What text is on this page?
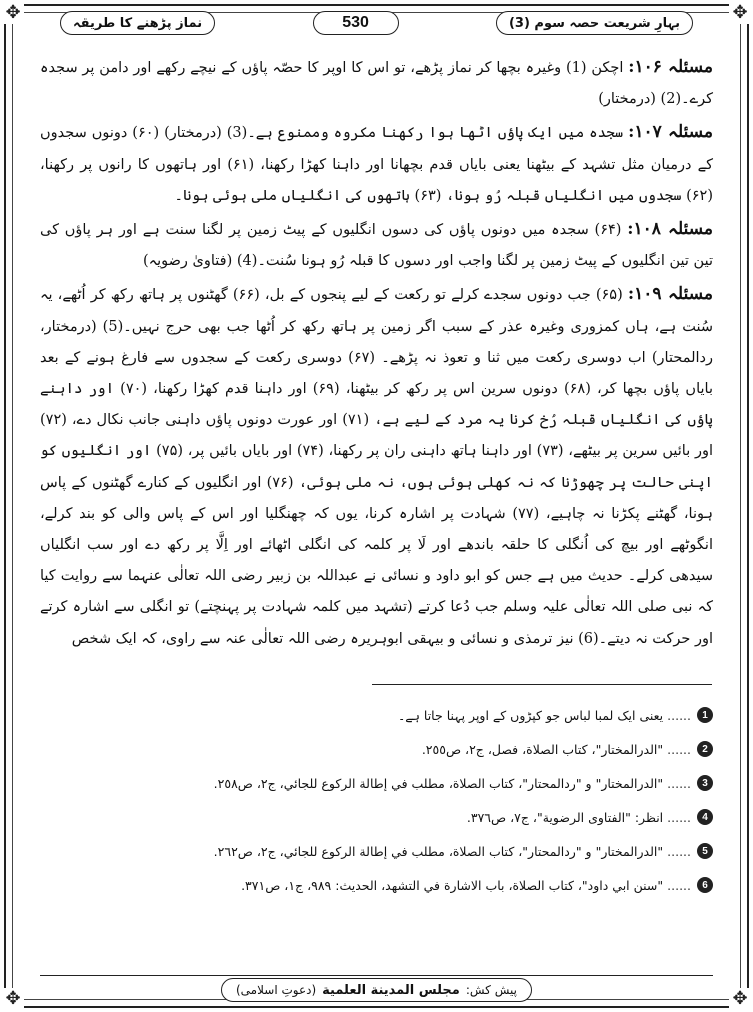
✥	✥
✥	✥
بہارِ شریعت حصہ سوم (3)
530
نماز پڑھنے کا طریقہ

مسئلہ ۱۰۶: اچکن (1) وغیرہ بچھا کر نماز پڑھے، تو اس کا اوپر کا حصّہ پاؤں کے نیچے رکھے اور دامن پر سجدہ کرے۔(2) (درمختار)

مسئلہ ۱۰۷: سجدہ میں ایک پاؤں اٹھا ہوا رکھنا مکروہ وممنوع ہے۔(3) (درمختار) (۶۰) دونوں سجدوں کے درمیان مثل تشہد کے بیٹھنا یعنی بایاں قدم بچھانا اور داہنا کھڑا رکھنا، (۶۱) اور ہاتھوں کا رانوں پر رکھنا، (۶۲) سجدوں میں انگلیاں قبلہ رُو ہونا، (۶۳) ہاتھوں کی انگلیاں ملی ہوئی ہونا۔

مسئلہ ۱۰۸: (۶۴) سجدہ میں دونوں پاؤں کی دسوں انگلیوں کے پیٹ زمین پر لگنا سنت ہے اور ہر پاؤں کی تین تین انگلیوں کے پیٹ زمین پر لگنا واجب اور دسوں کا قبلہ رُو ہونا سُنت۔(4) (فتاویٰ رضویہ)

مسئلہ ۱۰۹: (۶۵) جب دونوں سجدے کرلے تو رکعت کے لیے پنجوں کے بل، (۶۶) گھٹنوں پر ہاتھ رکھ کر اُٹھے، یہ سُنت ہے، ہاں کمزوری وغیرہ عذر کے سبب اگر زمین پر ہاتھ رکھ کر اُٹھا جب بھی حرج نہیں۔(5) (درمختار، ردالمحتار) اب دوسری رکعت میں ثنا و تعوذ نہ پڑھے۔ (۶۷) دوسری رکعت کے سجدوں سے فارغ ہونے کے بعد بایاں پاؤں بچھا کر، (۶۸) دونوں سرین اس پر رکھ کر بیٹھنا، (۶۹) اور داہنا قدم کھڑا رکھنا، (۷۰) اور داہنے پاؤں کی انگلیاں قبلہ رُخ کرنا یہ مرد کے لیے ہے، (۷۱) اور عورت دونوں پاؤں داہنی جانب نکال دے، (۷۲) اور بائیں سرین پر بیٹھے، (۷۳) اور داہنا ہاتھ داہنی ران پر رکھنا، (۷۴) اور بایاں بائیں پر، (۷۵) اور انگلیوں کو اپنی حالت پر چھوڑنا کہ نہ کھلی ہوئی ہوں، نہ ملی ہوئی، (۷۶) اور انگلیوں کے کنارے گھٹنوں کے پاس ہونا، گھٹنے پکڑنا نہ چاہیے، (۷۷) شہادت پر اشارہ کرنا، یوں کہ چھنگلیا اور اس کے پاس والی کو بند کرلے، انگوٹھے اور بیچ کی اُنگلی کا حلقہ باندھے اور لَا پر کلمہ کی انگلی اٹھائے اور اِلَّا پر رکھ دے اور سب انگلیاں سیدھی کرلے۔ حدیث میں ہے جس کو ابو داود و نسائی نے عبداللہ بن زبیر رضی اللہ تعالٰی عنہما سے روایت کیا کہ نبی صلی اللہ تعالٰی علیہ وسلم جب دُعا کرتے (تشہد میں کلمہ شہادت پر پہنچتے) تو انگلی سے اشارہ کرتے اور حرکت نہ دیتے۔(6) نیز ترمذی و نسائی و بیہقی ابوہریرہ رضی اللہ تعالٰی عنہ سے راوی، کہ ایک شخص

1
......
یعنی ایک لمبا لباس جو کپڑوں کے اوپر پہنا جاتا ہے۔
2
......
"الدرالمختار"، كتاب الصلاة، فصل، ج٢، ص٢٥٥.
3
......
"الدرالمختار" و "ردالمحتار"، كتاب الصلاة، مطلب في إطالة الركوع للجائي، ج٢، ص٢٥٨.
4
......
انظر: "الفتاوى الرضوية"، ج٧، ص٣٧٦.
5
......
"الدرالمختار" و "ردالمحتار"، كتاب الصلاة، مطلب في إطالة الركوع للجائي، ج٢، ص٢٦٢.
6
......
"سنن ابي داود"، كتاب الصلاة، باب الاشارة في التشهد، الحديث: ٩٨٩، ج١، ص٣٧١.
پیش کش:
مجلس المدينة العلمية
(دعوتِ اسلامی)
